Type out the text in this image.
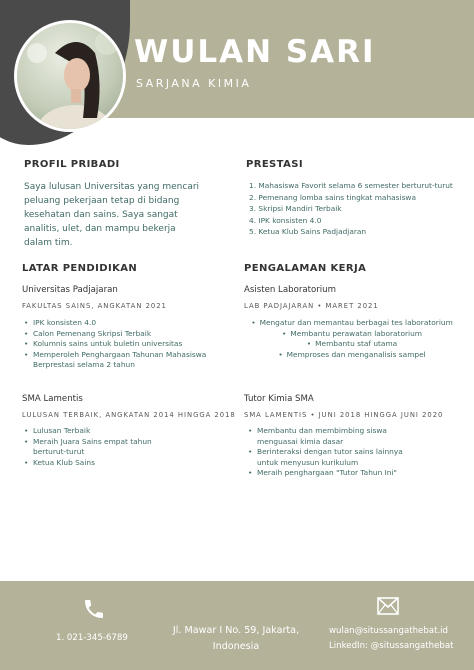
WULAN SARI
SARJANA KIMIA
PROFIL PRIBADI
Saya lulusan Universitas yang mencari peluang pekerjaan tetap di bidang kesehatan dan sains. Saya sangat analitis, ulet, dan mampu bekerja dalam tim.
PRESTASI
1. Mahasiswa Favorit selama 6 semester berturut-turut
2. Pemenang lomba sains tingkat mahasiswa
3. Skripsi Mandiri Terbaik
4. IPK konsisten 4.0
5. Ketua Klub Sains Padjadjaran
LATAR PENDIDIKAN
Universitas Padjajaran
FAKULTAS SAINS, ANGKATAN 2021
• IPK konsisten 4.0
• Calon Pemenang Skripsi Terbaik
• Kolumnis sains untuk buletin universitas
• Memperoleh Penghargaan Tahunan Mahasiswa Berprestasi selama 2 tahun
SMA Lamentis
LULUSAN TERBAIK, ANGKATAN 2014 HINGGA 2018
• Lulusan Terbaik
• Meraih Juara Sains empat tahun berturut-turut
• Ketua Klub Sains
PENGALAMAN KERJA
Asisten Laboratorium
LAB PADJAJARAN • MARET 2021
• Mengatur dan memantau berbagai tes laboratorium
• Membantu perawatan laboratorium
• Membantu staf utama
• Memproses dan menganalisis sampel
Tutor Kimia SMA
SMA LAMENTIS • JUNI 2018 HINGGA JUNI 2020
• Membantu dan membimbing siswa menguasai kimia dasar
• Berinteraksi dengan tutor sains lainnya untuk menyusun kurikulum
• Meraih penghargaan "Tutor Tahun Ini"
1. 021-345-6789
Jl. Mawar I No. 59, Jakarta, Indonesia
wulan@situssangathebat.id
LinkedIn: @situssangathebat
